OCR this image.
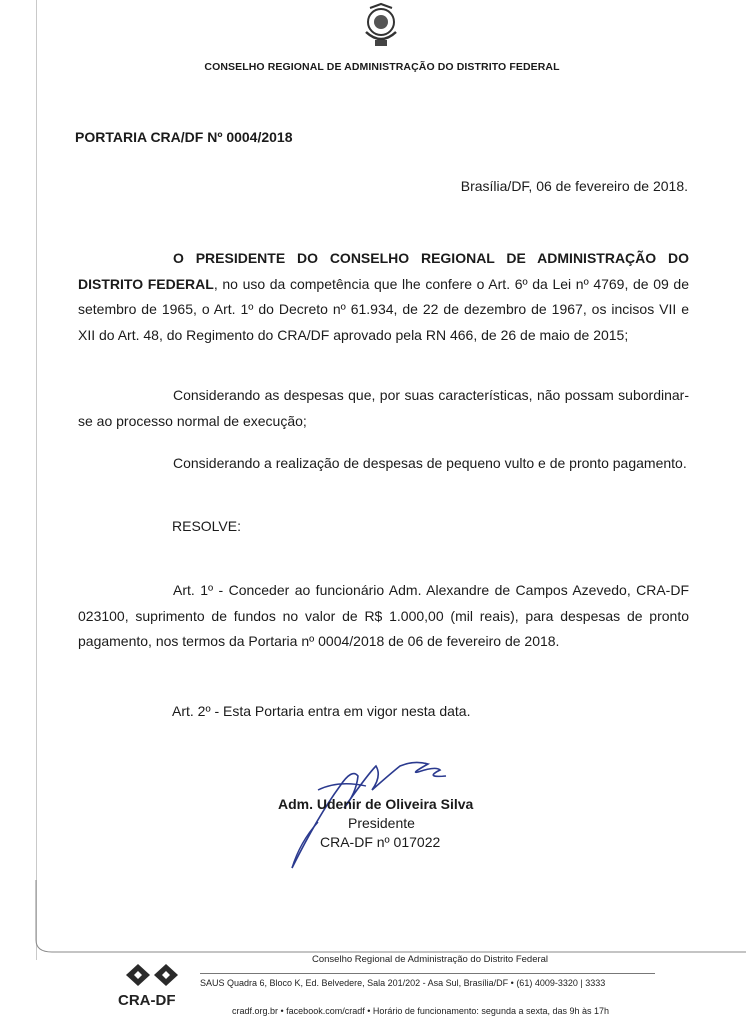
CONSELHO REGIONAL DE ADMINISTRAÇÃO DO DISTRITO FEDERAL
PORTARIA CRA/DF Nº 0004/2018
Brasília/DF, 06 de fevereiro de 2018.

O PRESIDENTE DO CONSELHO REGIONAL DE ADMINISTRAÇÃO DO DISTRITO FEDERAL, no uso da competência que lhe confere o Art. 6º da Lei nº 4769, de 09 de setembro de 1965, o Art. 1º do Decreto nº 61.934, de 22 de dezembro de 1967, os incisos VII e XII do Art. 48, do Regimento do CRA/DF aprovado pela RN 466, de 26 de maio de 2015;

Considerando as despesas que, por suas características, não possam subordinar-se ao processo normal de execução;

Considerando a realização de despesas de pequeno vulto e de pronto pagamento.

RESOLVE:

Art. 1º - Conceder ao funcionário Adm. Alexandre de Campos Azevedo, CRA-DF 023100, suprimento de fundos no valor de R$ 1.000,00 (mil reais), para despesas de pronto pagamento, nos termos da Portaria nº 0004/2018 de 06 de fevereiro de 2018.

Art. 2º - Esta Portaria entra em vigor nesta data.
Adm. Udenir de Oliveira Silva
Presidente
CRA-DF nº 017022
Conselho Regional de Administração do Distrito Federal
SAUS Quadra 6, Bloco K, Ed. Belvedere, Sala 201/202 - Asa Sul, Brasília/DF • (61) 4009-3320 | 3333
cradf.org.br • facebook.com/cradf • Horário de funcionamento: segunda a sexta, das 9h às 17h
CRA-DF
